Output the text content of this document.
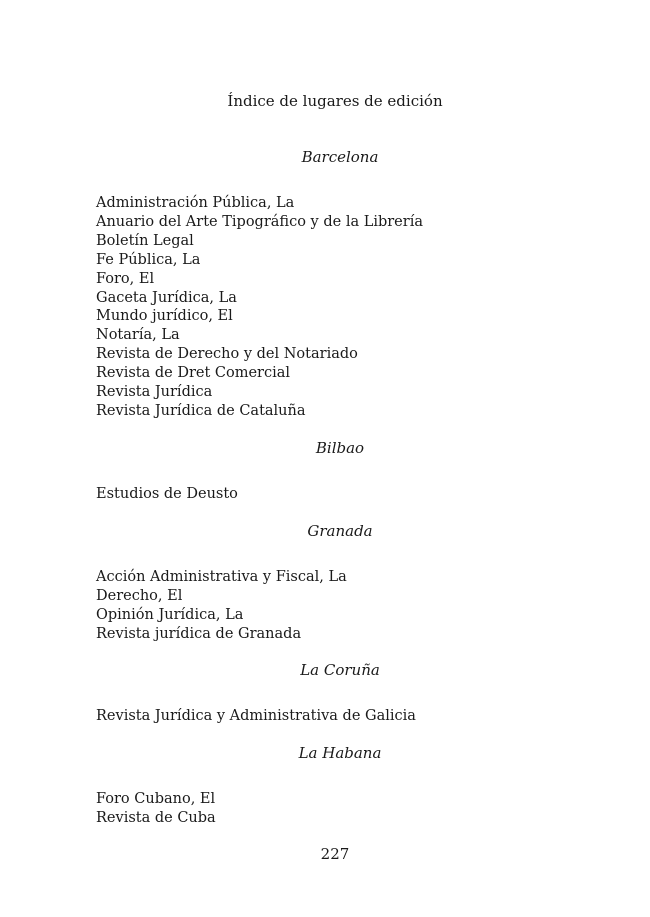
Índice de lugares de edición
Barcelona
Administración Pública, La
Anuario del Arte Tipográfico y de la Librería
Boletín Legal
Fe Pública, La
Foro, El
Gaceta Jurídica, La
Mundo jurídico, El
Notaría, La
Revista de Derecho y del Notariado
Revista de Dret Comercial
Revista Jurídica
Revista Jurídica de Cataluña
Bilbao
Estudios de Deusto
Granada
Acción Administrativa y Fiscal, La
Derecho, El
Opinión Jurídica, La
Revista jurídica de Granada
La Coruña
Revista Jurídica y Administrativa de Galicia
La Habana
Foro Cubano, El
Revista de Cuba
227
